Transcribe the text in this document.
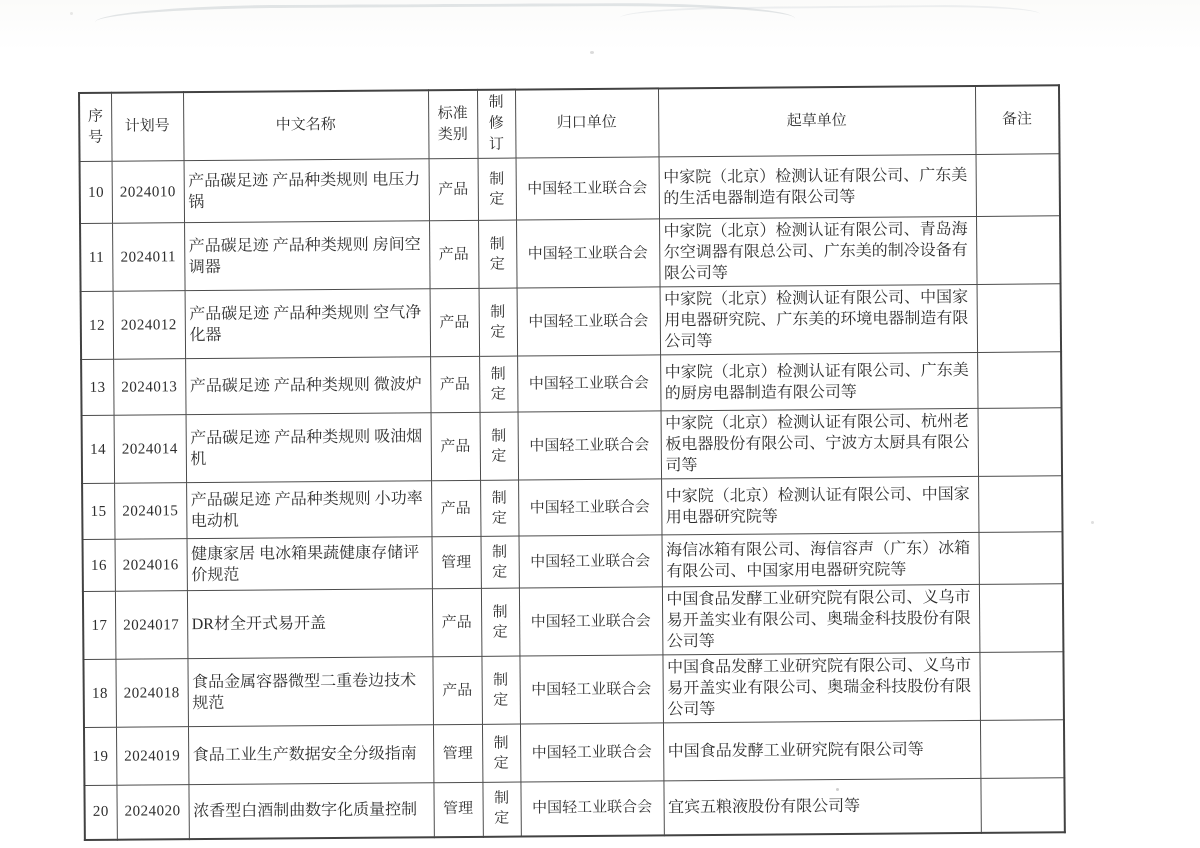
序号	计划号	中文名称	标准类别	制修订	归口单位	起草单位	备注
10	2024010	产品碳足迹 产品种类规则 电压力锅	产品	制定	中国轻工业联合会	中家院（北京）检测认证有限公司、广东美的生活电器制造有限公司等	
11	2024011	产品碳足迹 产品种类规则 房间空调器	产品	制定	中国轻工业联合会	中家院（北京）检测认证有限公司、青岛海尔空调器有限总公司、广东美的制冷设备有限公司等	
12	2024012	产品碳足迹 产品种类规则 空气净化器	产品	制定	中国轻工业联合会	中家院（北京）检测认证有限公司、中国家用电器研究院、广东美的环境电器制造有限公司等	
13	2024013	产品碳足迹 产品种类规则 微波炉	产品	制定	中国轻工业联合会	中家院（北京）检测认证有限公司、广东美的厨房电器制造有限公司等	
14	2024014	产品碳足迹 产品种类规则 吸油烟机	产品	制定	中国轻工业联合会	中家院（北京）检测认证有限公司、杭州老板电器股份有限公司、宁波方太厨具有限公司等	
15	2024015	产品碳足迹 产品种类规则 小功率电动机	产品	制定	中国轻工业联合会	中家院（北京）检测认证有限公司、中国家用电器研究院等	
16	2024016	健康家居 电冰箱果蔬健康存储评价规范	管理	制定	中国轻工业联合会	海信冰箱有限公司、海信容声（广东）冰箱有限公司、中国家用电器研究院等	
17	2024017	DR材全开式易开盖	产品	制定	中国轻工业联合会	中国食品发酵工业研究院有限公司、义乌市易开盖实业有限公司、奥瑞金科技股份有限公司等	
18	2024018	食品金属容器微型二重卷边技术规范	产品	制定	中国轻工业联合会	中国食品发酵工业研究院有限公司、义乌市易开盖实业有限公司、奥瑞金科技股份有限公司等	
19	2024019	食品工业生产数据安全分级指南	管理	制定	中国轻工业联合会	中国食品发酵工业研究院有限公司等	
20	2024020	浓香型白酒制曲数字化质量控制	管理	制定	中国轻工业联合会	宜宾五粮液股份有限公司等	
